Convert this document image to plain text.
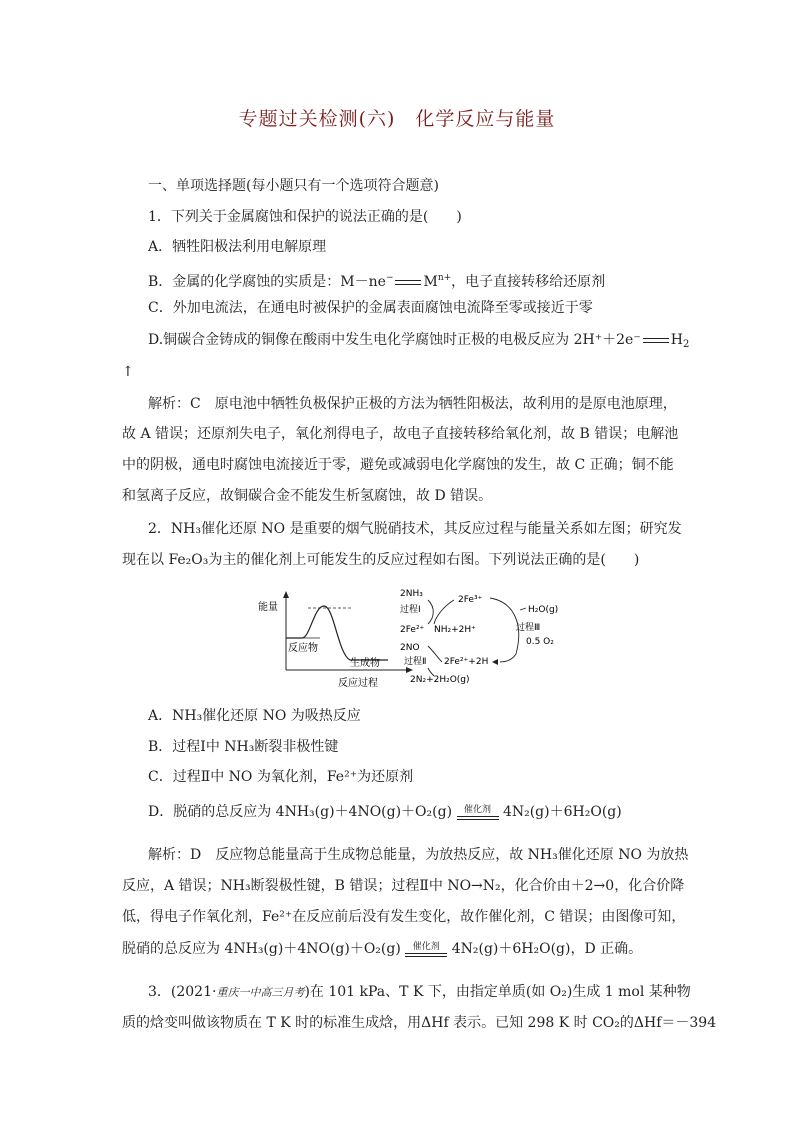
专题过关检测(六)　化学反应与能量
一、单项选择题(每小题只有一个选项符合题意)
1．下列关于金属腐蚀和保护的说法正确的是(　　)
A．牺牲阳极法利用电解原理
B．金属的化学腐蚀的实质是：M－ne− $M^{n+}$，电子直接转移给还原剂
C．外加电流法，在通电时被保护的金属表面腐蚀电流降至零或接近于零
D.铜碳合金铸成的铜像在酸雨中发生电化学腐蚀时正极的电极反应为 2H⁺＋2e⁻ $H_2$
↑
解析：C　原电池中牺牲负极保护正极的方法为牺牲阳极法，故利用的是原电池原理，
故 A 错误；还原剂失电子，氧化剂得电子，故电子直接转移给氧化剂，故 B 错误；电解池
中的阴极，通电时腐蚀电流接近于零，避免或减弱电化学腐蚀的发生，故 C 正确；铜不能
和氢离子反应，故铜碳合金不能发生析氢腐蚀，故 D 错误。
2．NH₃催化还原 NO 是重要的烟气脱硝技术，其反应过程与能量关系如左图；研究发
现在以 Fe₂O₃为主的催化剂上可能发生的反应过程如右图。下列说法正确的是(　　)
能量
反应物
生成物
反应过程
2NH₃
过程Ⅰ
2Fe³⁺
2Fe²⁺ NH₂+2H⁺
H₂O(g)
过程Ⅲ
0.5 O₂
2NO
过程Ⅱ 2Fe²⁺+2H
2N₂+2H₂O(g)
A．NH₃催化还原 NO 为吸热反应
B．过程Ⅰ中 NH₃断裂非极性键
C．过程Ⅱ中 NO 为氧化剂，Fe²⁺为还原剂
D．脱硝的总反应为 4NH₃(g)＋4NO(g)＋O₂(g)	催化剂 4N₂(g)＋6H₂O(g)
解析：D　反应物总能量高于生成物总能量，为放热反应，故 NH₃催化还原 NO 为放热
反应，A 错误；NH₃断裂极性键，B 错误；过程Ⅱ中 NO→N₂，化合价由＋2→0，化合价降
低，得电子作氧化剂，Fe²⁺在反应前后没有发生变化，故作催化剂，C 错误；由图像可知，
脱硝的总反应为 4NH₃(g)＋4NO(g)＋O₂(g)	催化剂 4N₂(g)＋6H₂O(g)，D 正确。
3．(2021·重庆一中高三月考)在 101 kPa、T K 下，由指定单质(如 O₂)生成 1 mol 某种物
质的焓变叫做该物质在 T K 时的标准生成焓，用ΔHf 表示。已知 298 K 时 CO₂的ΔHf＝－394
